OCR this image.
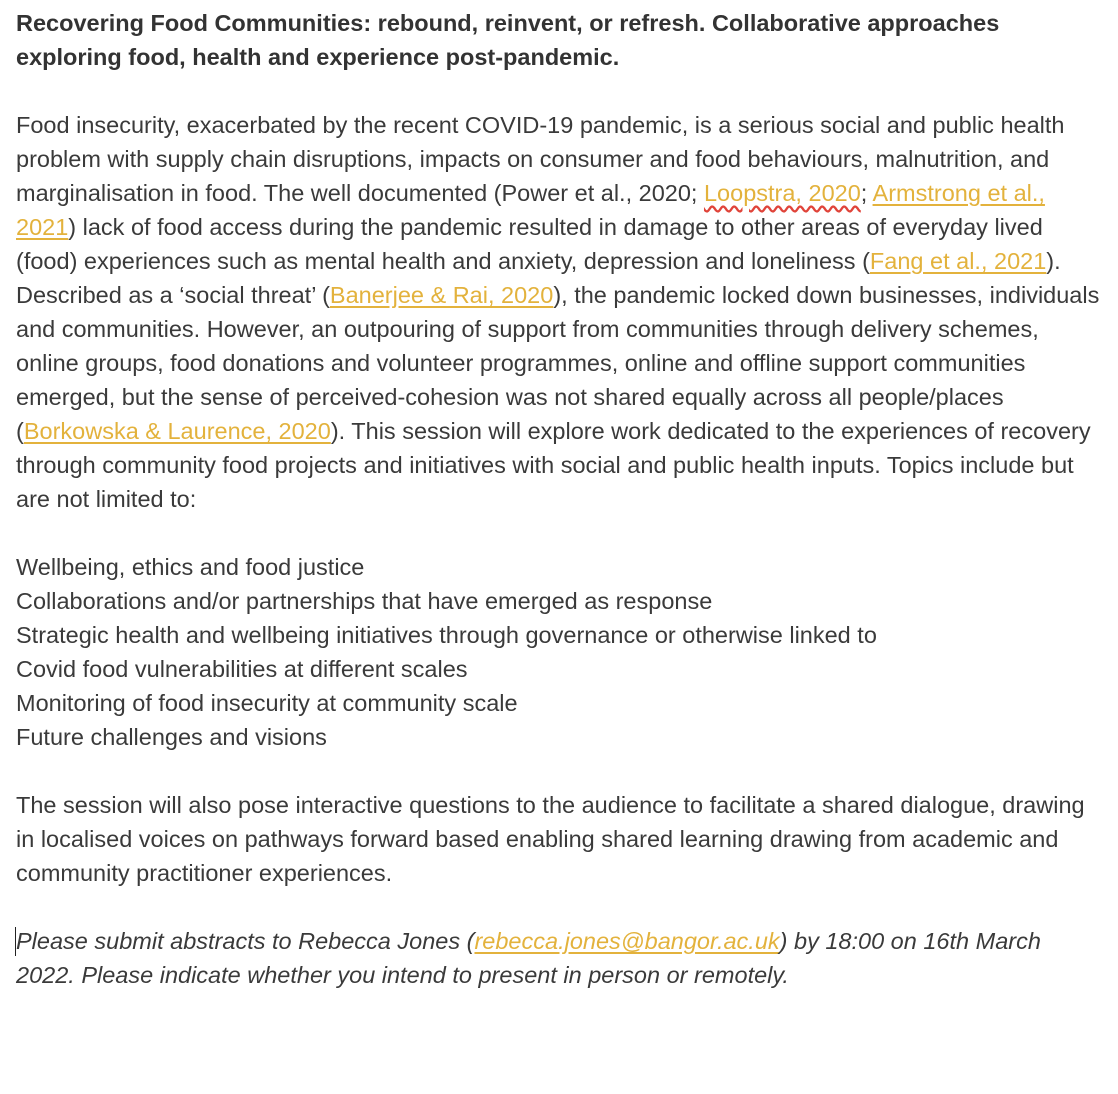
Recovering Food Communities: rebound, reinvent, or refresh. Collaborative approaches exploring food, health and experience post-pandemic.

Food insecurity, exacerbated by the recent COVID-19 pandemic, is a serious social and public health problem with supply chain disruptions, impacts on consumer and food behaviours, malnutrition, and marginalisation in food. The well documented (Power et al., 2020; Loopstra, 2020; Armstrong et al., 2021) lack of food access during the pandemic resulted in damage to other areas of everyday lived (food) experiences such as mental health and anxiety, depression and loneliness (Fang et al., 2021). Described as a ‘social threat’ (Banerjee & Rai, 2020), the pandemic locked down businesses, individuals and communities. However, an outpouring of support from communities through delivery schemes, online groups, food donations and volunteer programmes, online and offline support communities emerged, but the sense of perceived-cohesion was not shared equally across all people/places (Borkowska & Laurence, 2020). This session will explore work dedicated to the experiences of recovery through community food projects and initiatives with social and public health inputs. Topics include but are not limited to:

Wellbeing, ethics and food justice
Collaborations and/or partnerships that have emerged as response
Strategic health and wellbeing initiatives through governance or otherwise linked to
Covid food vulnerabilities at different scales
Monitoring of food insecurity at community scale
Future challenges and visions

The session will also pose interactive questions to the audience to facilitate a shared dialogue, drawing in localised voices on pathways forward based enabling shared learning drawing from academic and community practitioner experiences.

Please submit abstracts to Rebecca Jones (rebecca.jones@bangor.ac.uk) by 18:00 on 16th March 2022. Please indicate whether you intend to present in person or remotely.
